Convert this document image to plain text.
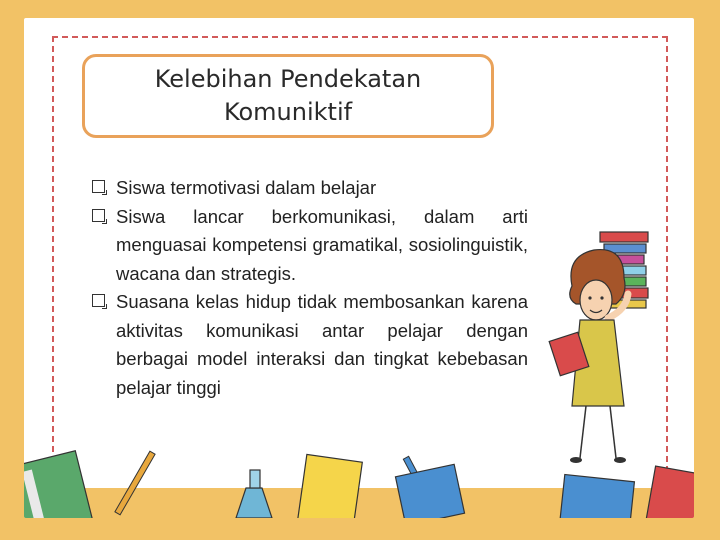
Kelebihan Pendekatan
Komuniktif

Siswa termotivasi dalam belajar

Siswa lancar berkomunikasi, dalam arti menguasai kompetensi gramatikal, sosiolinguistik, wacana dan strategis.

Suasana kelas hidup tidak membosankan karena aktivitas komunikasi antar pelajar dengan berbagai model interaksi dan tingkat kebebasan pelajar tinggi
